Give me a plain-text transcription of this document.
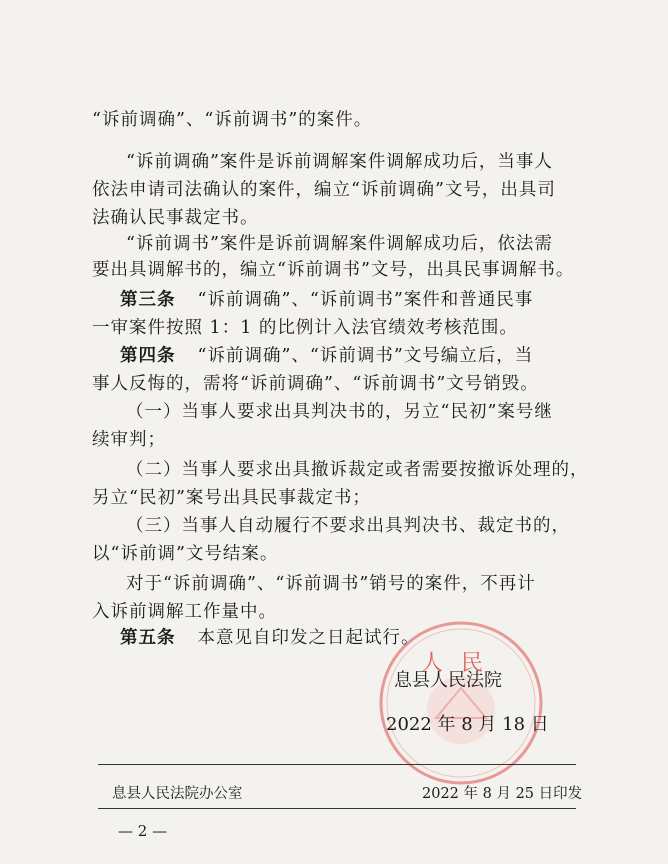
人民
“诉前调确”、“诉前调书”的案件。
“诉前调确”案件是诉前调解案件调解成功后，当事人
依法申请司法确认的案件，编立“诉前调确”文号，出具司
法确认民事裁定书。
“诉前调书”案件是诉前调解案件调解成功后，依法需
要出具调解书的，编立“诉前调书”文号，出具民事调解书。
第三条 “诉前调确”、“诉前调书”案件和普通民事
一审案件按照 1：1 的比例计入法官绩效考核范围。
第四条 “诉前调确”、“诉前调书”文号编立后，当
事人反悔的，需将“诉前调确”、“诉前调书”文号销毁。
（一）当事人要求出具判决书的，另立“民初”案号继
续审判；
（二）当事人要求出具撤诉裁定或者需要按撤诉处理的，
另立“民初”案号出具民事裁定书；
（三）当事人自动履行不要求出具判决书、裁定书的，
以“诉前调”文号结案。
对于“诉前调确”、“诉前调书”销号的案件，不再计
入诉前调解工作量中。
第五条 本意见自印发之日起试行。
息县人民法院
2022 年 8 月 18 日
息县人民法院办公室	2022 年 8 月 25 日印发
— 2 —
